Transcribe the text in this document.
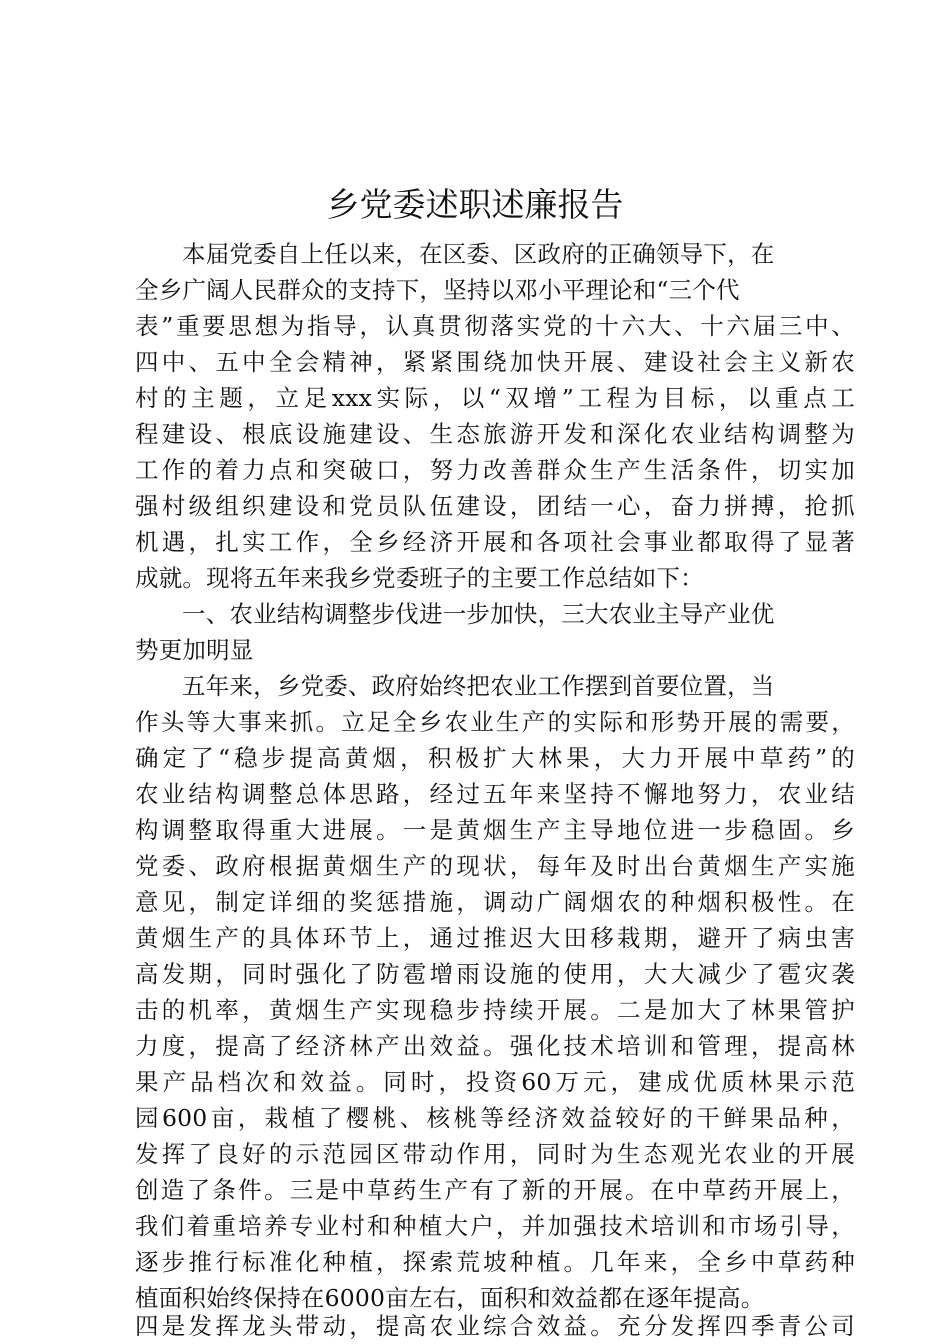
乡党委述职述廉报告
本届党委自上任以来，在区委、区政府的正确领导下，在
全乡广阔人民群众的支持下，坚持以邓小平理论和“三个代
表”重要思想为指导，认真贯彻落实党的十六大、十六届三中、
四中、五中全会精神，紧紧围绕加快开展、建设社会主义新农
村的主题，立足xxx实际，以“双增”工程为目标，以重点工
程建设、根底设施建设、生态旅游开发和深化农业结构调整为
工作的着力点和突破口，努力改善群众生产生活条件，切实加
强村级组织建设和党员队伍建设，团结一心，奋力拼搏，抢抓
机遇，扎实工作，全乡经济开展和各项社会事业都取得了显著
成就。现将五年来我乡党委班子的主要工作总结如下：
一、农业结构调整步伐进一步加快，三大农业主导产业优
势更加明显
五年来，乡党委、政府始终把农业工作摆到首要位置，当
作头等大事来抓。立足全乡农业生产的实际和形势开展的需要，
确定了“稳步提高黄烟，积极扩大林果，大力开展中草药”的
农业结构调整总体思路，经过五年来坚持不懈地努力，农业结
构调整取得重大进展。一是黄烟生产主导地位进一步稳固。乡
党委、政府根据黄烟生产的现状，每年及时出台黄烟生产实施
意见，制定详细的奖惩措施，调动广阔烟农的种烟积极性。在
黄烟生产的具体环节上，通过推迟大田移栽期，避开了病虫害
高发期，同时强化了防雹增雨设施的使用，大大减少了雹灾袭
击的机率，黄烟生产实现稳步持续开展。二是加大了林果管护
力度，提高了经济林产出效益。强化技术培训和管理，提高林
果产品档次和效益。同时，投资60万元，建成优质林果示范
园600亩，栽植了樱桃、核桃等经济效益较好的干鲜果品种，
发挥了良好的示范园区带动作用，同时为生态观光农业的开展
创造了条件。三是中草药生产有了新的开展。在中草药开展上，
我们着重培养专业村和种植大户，并加强技术培训和市场引导，
逐步推行标准化种植，探索荒坡种植。几年来，全乡中草药种
植面积始终保持在6000亩左右，面积和效益都在逐年提高。
四是发挥龙头带动，提高农业综合效益。充分发挥四季青公司
